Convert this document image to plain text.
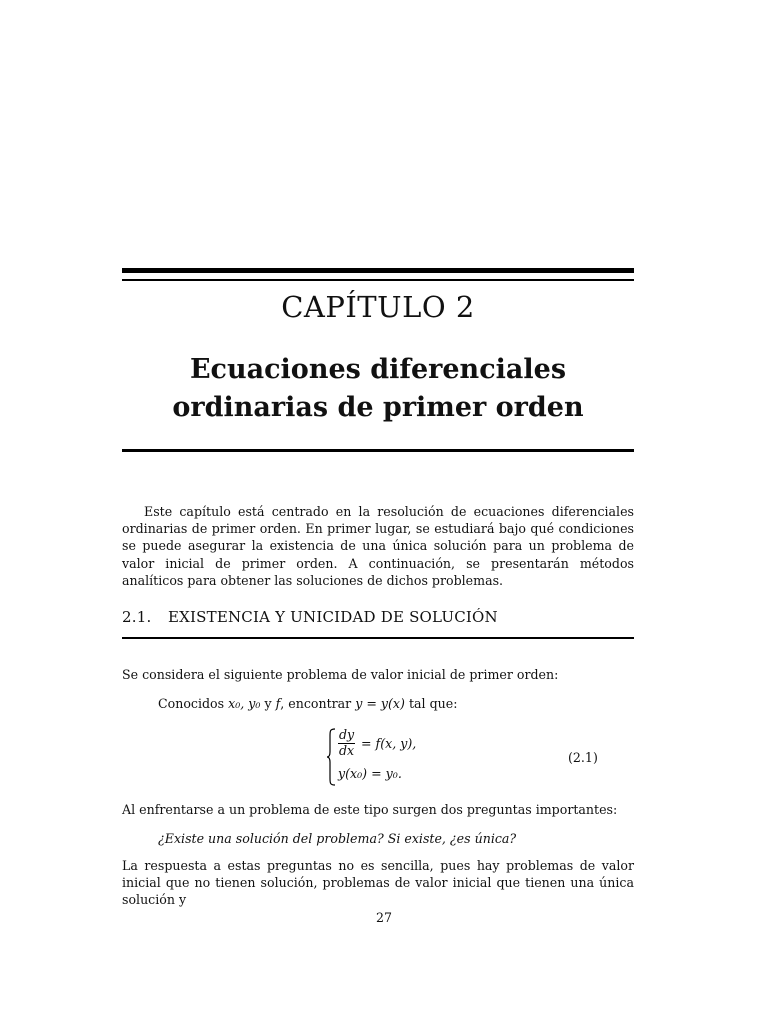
CAPÍTULO 2
Ecuaciones diferenciales
ordinarias de primer orden

Este capítulo está centrado en la resolución de ecuaciones diferenciales ordinarias de primer orden. En primer lugar, se estudiará bajo qué condiciones se puede asegurar la existencia de una única solución para un problema de valor inicial de primer orden. A continuación, se presentarán métodos analíticos para obtener las soluciones de dichos problemas.

2.1. EXISTENCIA Y UNICIDAD DE SOLUCIÓN

Se considera el siguiente problema de valor inicial de primer orden:

Conocidos x₀, y₀ y f, encontrar y = y(x) tal que:
dy
dx = f(x, y),
y(x₀) = y₀.
(2.1)

Al enfrentarse a un problema de este tipo surgen dos preguntas importantes:

¿Existe una solución del problema? Si existe, ¿es única?

La respuesta a estas preguntas no es sencilla, pues hay problemas de valor inicial que no tienen solución, problemas de valor inicial que tienen una única solución y

27
